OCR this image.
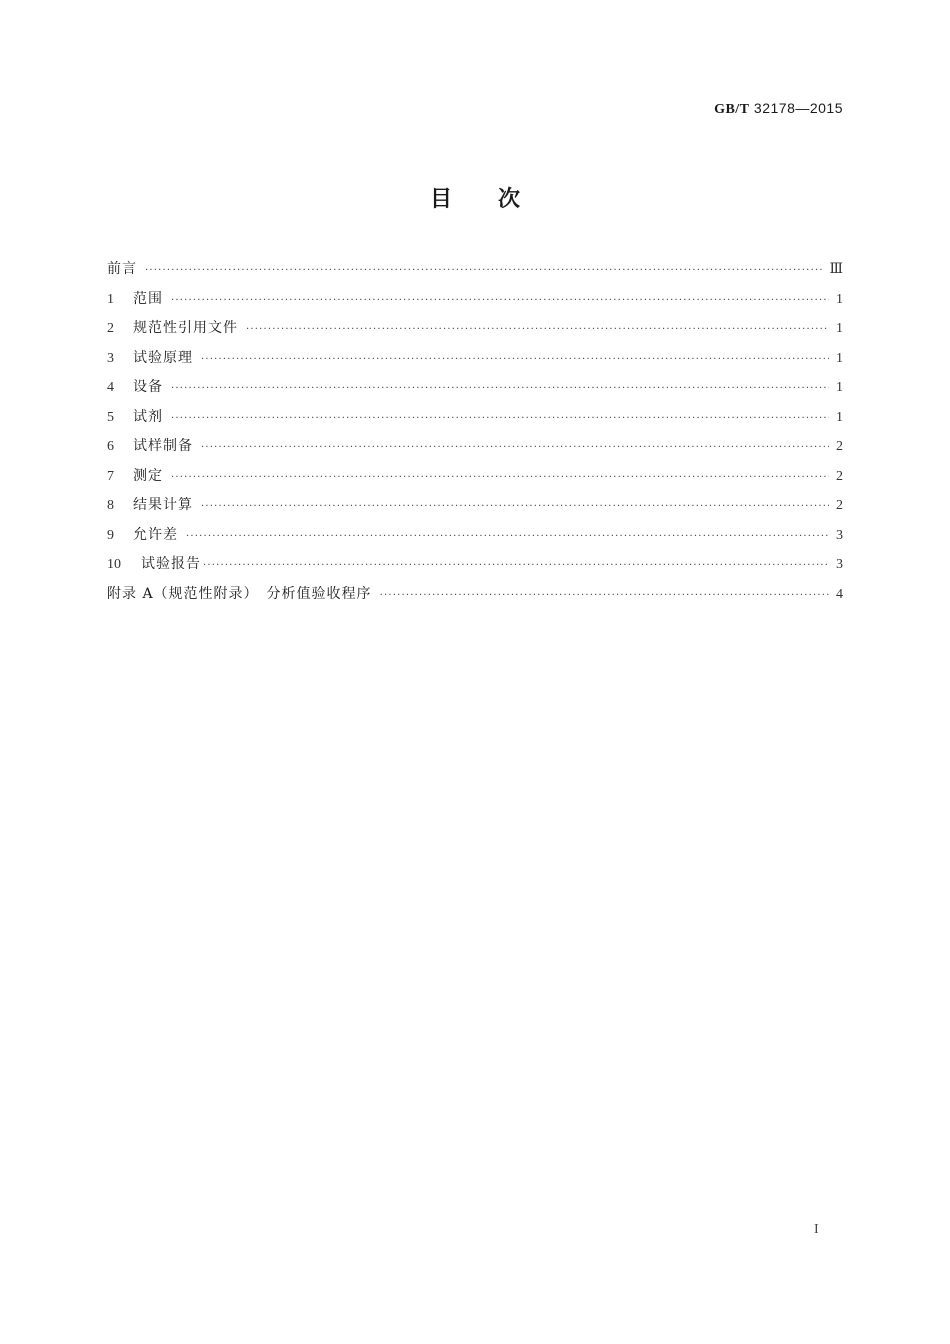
GB/T 32178—2015
目 次
前言 ·····	Ⅲ
1	范围 ·····	1
2	规范性引用文件 ·····	1
3	试验原理 ·····	1
4	设备 ·····	1
5	试剂 ·····	1
6	试样制备 ·····	2
7	测定 ·····	2
8	结果计算 ·····	2
9	允许差 ·····	3
10	试验报告 ·····	3
附录 A（规范性附录）　分析值验收程序 ·····	4
I
